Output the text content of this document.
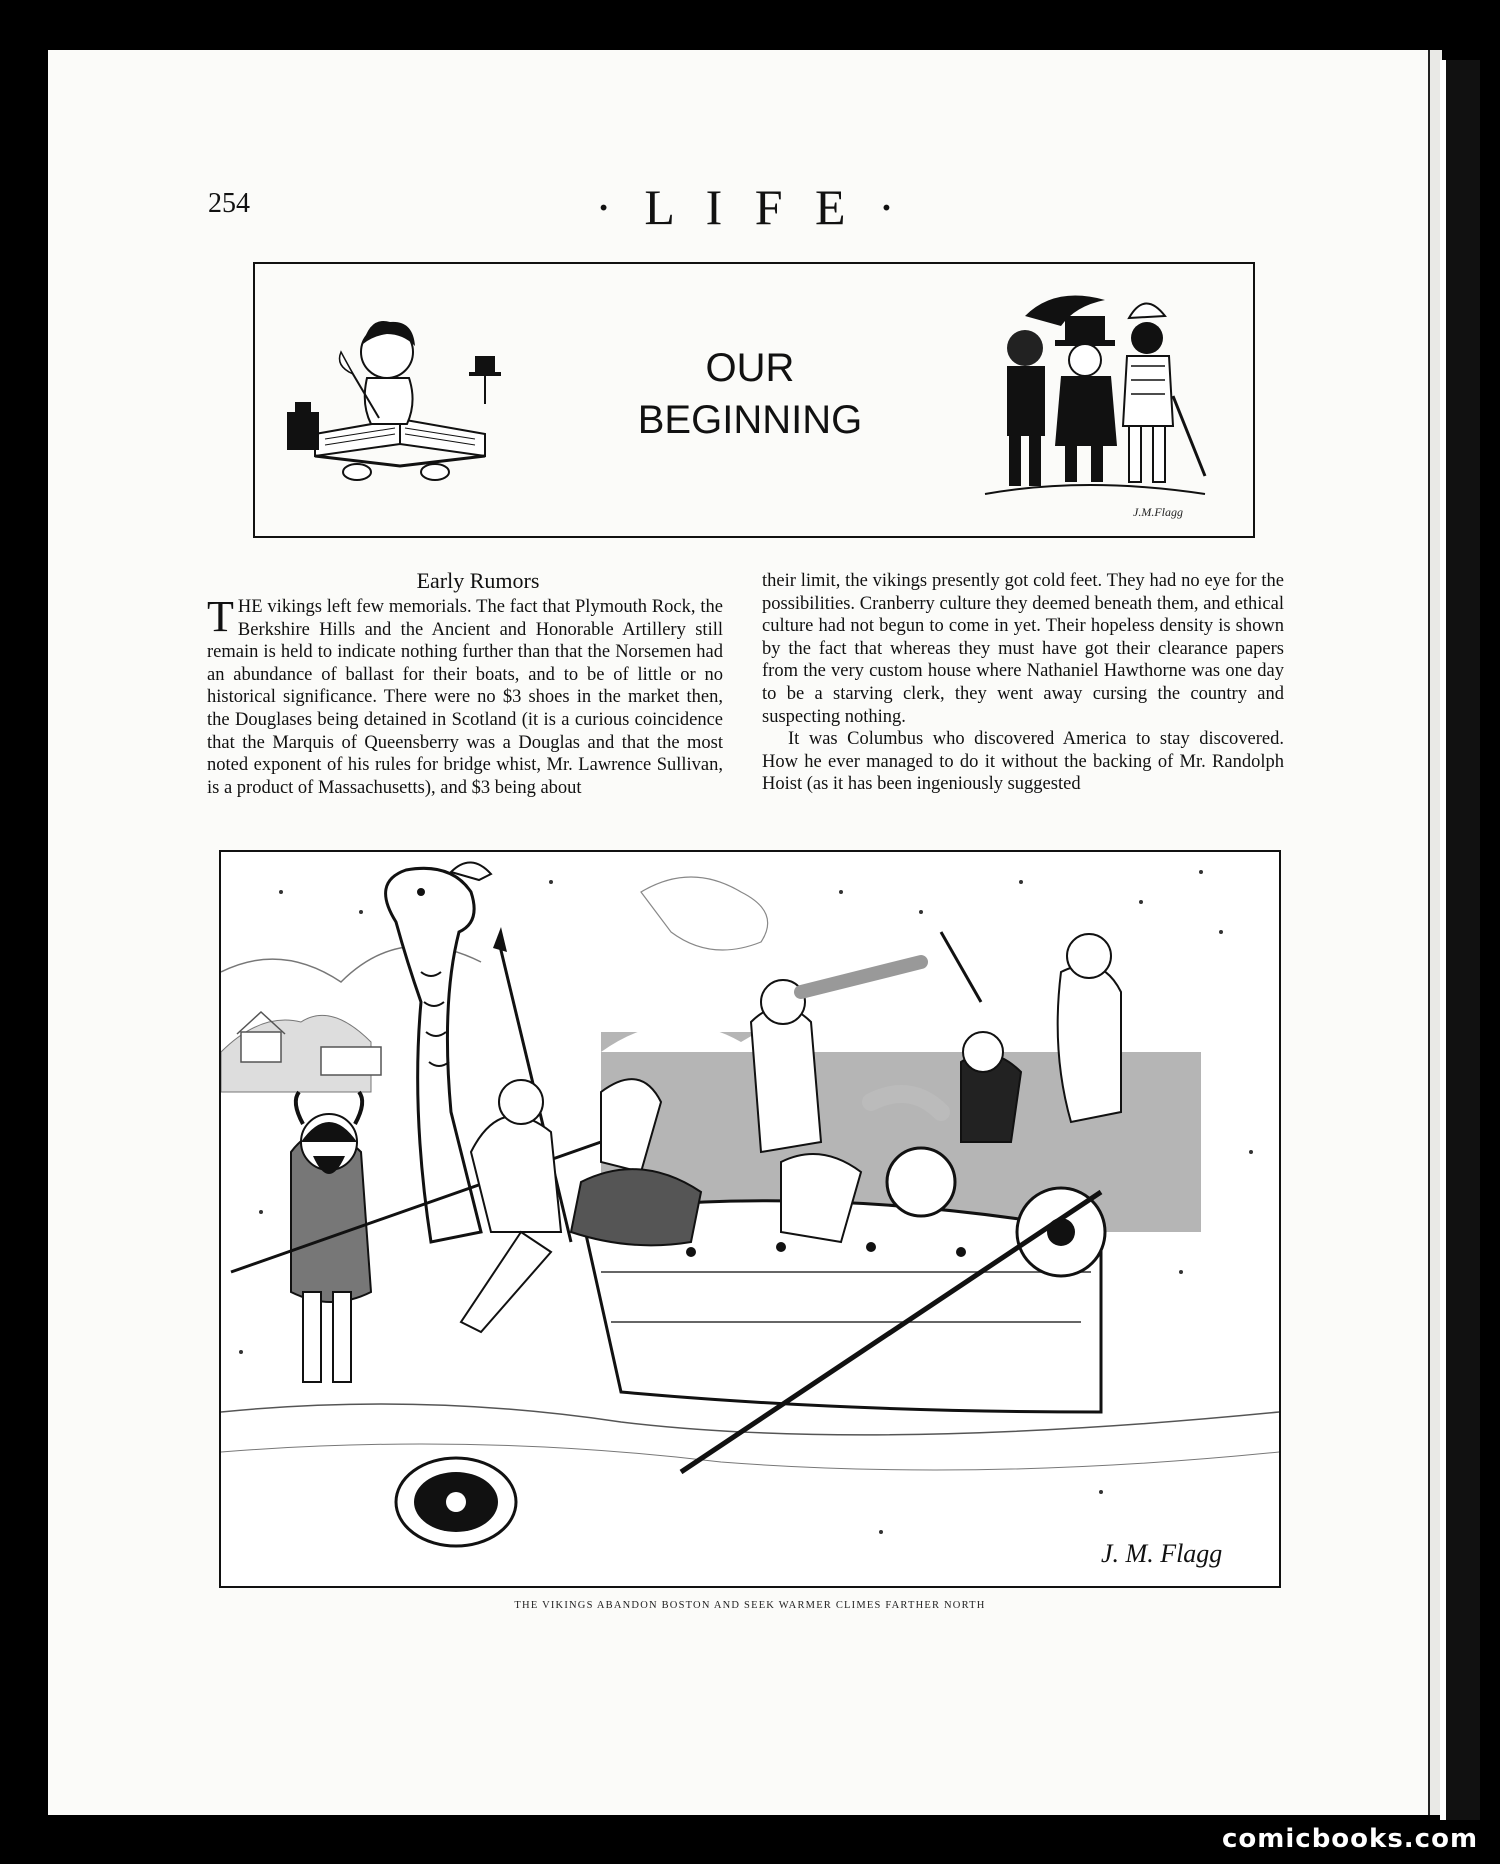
254	· L I F E ·
OUR
BEGINNING
J.M.Flagg
Early Rumors
THE vikings left few memorials. The fact that Plymouth Rock, the Berkshire Hills and the Ancient and Honorable Artillery still remain is held to indicate nothing further than that the Norsemen had an abundance of ballast for their boats, and to be of little or no historical significance. There were no $3 shoes in the market then, the Douglases being detained in Scotland (it is a curious coincidence that the Marquis of Queensberry was a Douglas and that the most noted exponent of his rules for bridge whist, Mr. Lawrence Sullivan, is a product of Massachusetts), and $3 being about

their limit, the vikings presently got cold feet. They had no eye for the possibilities. Cranberry culture they deemed beneath them, and ethical culture had not begun to come in yet. Their hopeless density is shown by the fact that whereas they must have got their clearance papers from the very custom house where Nathaniel Hawthorne was one day to be a starving clerk, they went away cursing the country and suspecting nothing.

It was Columbus who discovered America to stay discovered. How he ever managed to do it without the backing of Mr. Randolph Hoist (as it has been ingeniously suggested

J. M. Flagg
THE VIKINGS ABANDON BOSTON AND SEEK WARMER CLIMES FARTHER NORTH
comicbooks.com
